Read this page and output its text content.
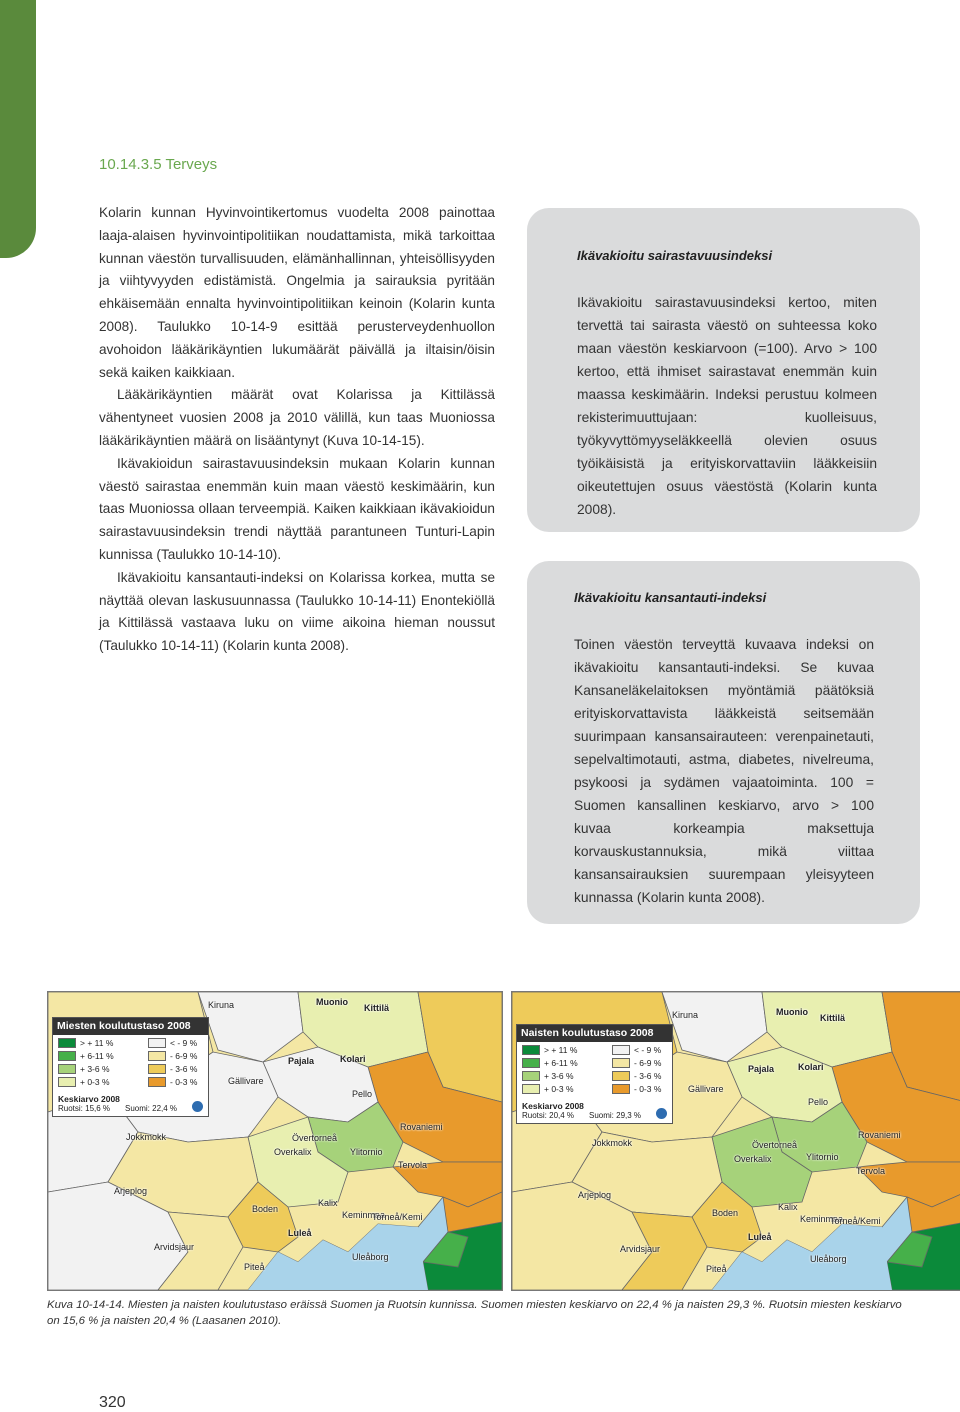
10.14.3.5 Terveys

Kolarin kunnan Hyvinvointikertomus vuodelta 2008 painottaa laaja-alaisen hyvinvointipolitiikan noudattamista, mikä tarkoittaa kunnan väestön turvallisuuden, elämänhallinnan, yhteisöllisyyden ja viihtyvyyden edistämistä. Ongelmia ja sairauksia pyritään ehkäisemään ennalta hyvinvointipolitiikan keinoin (Kolarin kunta 2008). Taulukko 10-14-9 esittää perusterveydenhuollon avohoidon lääkärikäyntien lukumäärät päivällä ja iltaisin/öisin sekä kaiken kaikkiaan.

Lääkärikäyntien määrät ovat Kolarissa ja Kittilässä vähentyneet vuosien 2008 ja 2010 välillä, kun taas Muoniossa lääkärikäyntien määrä on lisääntynyt (Kuva 10-14-15).

Ikävakioidun sairastavuusindeksin mukaan Kolarin kunnan väestö sairastaa enemmän kuin maan väestö keskimäärin, kun taas Muoniossa ollaan terveempiä. Kaiken kaikkiaan ikävakioidun sairastavuusindeksin trendi näyttää parantuneen Tunturi-Lapin kunnissa (Taulukko 10-14-10).

Ikävakioitu kansantauti-indeksi on Kolarissa korkea, mutta se näyttää olevan laskusuunnassa (Taulukko 10-14-11) Enontekiöllä ja Kittilässä vastaava luku on viime aikoina hieman noussut (Taulukko 10-14-11) (Kolarin kunta 2008).

Ikävakioitu sairastavuusindeksi
Ikävakioitu sairastavuusindeksi kertoo, miten tervettä tai sairasta väestö on suhteessa koko maan väestön keskiarvoon (=100). Arvo > 100 kertoo, että ihmiset sairastavat enemmän kuin maassa keskimäärin. Indeksi perustuu kolmeen rekisterimuuttujaan: kuolleisuus, työkyvyttömyyseläkkeellä olevien osuus työikäisistä ja erityiskorvattaviin lääkkeisiin oikeutettujen osuus väestöstä (Kolarin kunta 2008).
Ikävakioitu kansantauti-indeksi
Toinen väestön terveyttä kuvaava indeksi on ikävakioitu kansantauti-indeksi. Se kuvaa Kansaneläkelaitoksen myöntämiä päätöksiä erityiskorvattavista lääkkeistä seitsemään suurimpaan kansansairauteen: verenpainetauti, sepelvaltimotauti, astma, diabetes, nivelreuma, psykoosi ja sydämen vajaatoiminta. 100 = Suomen kansallinen keskiarvo, arvo > 100 kuvaa korkeampia maksettuja korvauskustannuksia, mikä viittaa kansansairauksien suurempaan yleisyyteen kunnassa (Kolarin kunta 2008).
Miesten koulutustaso 2008
> + 11 %
+ 6-11 %
+ 3-6 %
+ 0-3 %
< - 9 %
- 6-9 %
- 3-6 %
- 0-3 %
Keskiarvo 2008
Ruotsi: 15,6 % Suomi: 22,4 %
Kiruna	Muonio
Kittilä
Pajala	Kolari
Gällivare
Pello
Rovaniemi
Jokkmokk	Övertorneå
Overkalix	Ylitornio
Tervola
Arjeplog
Kalix
Keminmaa
Boden
Torneå/Kemi
Luleå
Arvidsjaur
Uleåborg
Piteå
Naisten koulutustaso 2008
> + 11 %
+ 6-11 %
+ 3-6 %
+ 0-3 %
< - 9 %
- 6-9 %
- 3-6 %
- 0-3 %
Keskiarvo 2008
Ruotsi: 20,4 % Suomi: 29,3 %
Kiruna	Muonio
Kittilä
Pajala	Kolari
Gällivare
Pello
Rovaniemi
Jokkmokk	Övertorneå
Overkalix	Ylitornio
Tervola
Arjeplog
Kalix
Keminmaa
Boden
Torneå/Kemi
Luleå
Arvidsjaur
Uleåborg
Piteå
Kuva 10-14-14. Miesten ja naisten koulutustaso eräissä Suomen ja Ruotsin kunnissa. Suomen miesten keskiarvo on 22,4 % ja naisten 29,3 %. Ruotsin miesten keskiarvo on 15,6 % ja naisten 20,4 % (Laasanen 2010).
320
